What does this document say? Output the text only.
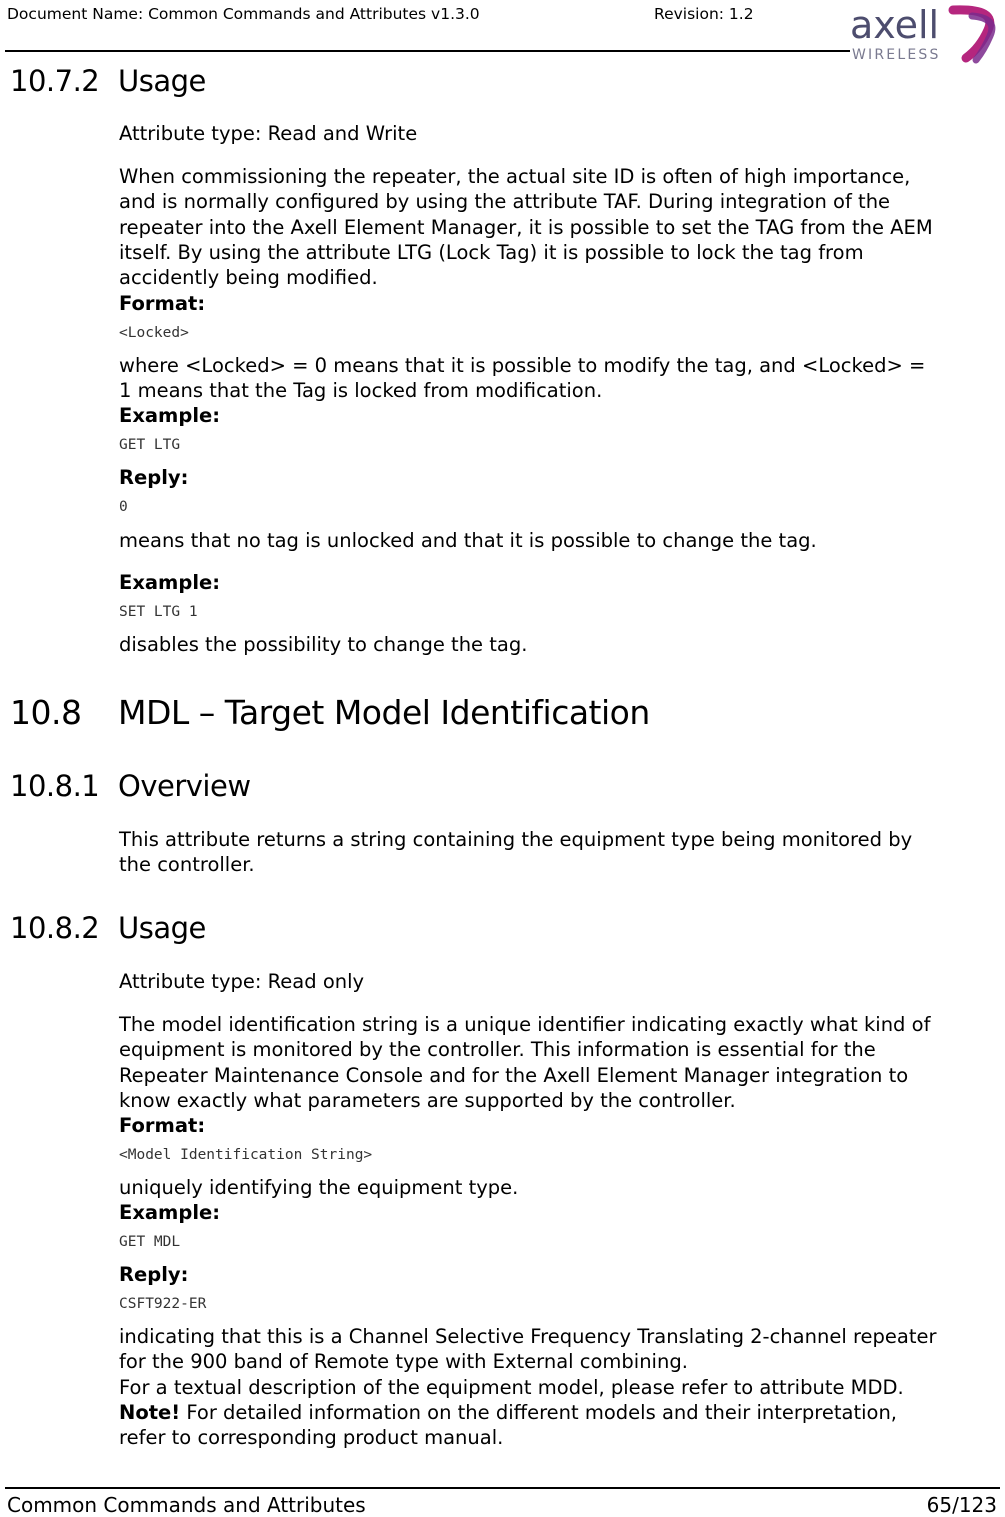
Document Name: Common Commands and Attributes v1.3.0	Revision: 1.2	axell
WIRELESS
10.7.2 Usage
Attribute type: Read and Write
When commissioning the repeater, the actual site ID is often of high importance,
and is normally configured by using the attribute TAF. During integration of the
repeater into the Axell Element Manager, it is possible to set the TAG from the AEM
itself. By using the attribute LTG (Lock Tag) it is possible to lock the tag from
accidently being modified.
Format:
<Locked>
where <Locked> = 0 means that it is possible to modify the tag, and <Locked> =
1 means that the Tag is locked from modification.
Example:
GET LTG
Reply:
0
means that no tag is unlocked and that it is possible to change the tag.
Example:
SET LTG 1
disables the possibility to change the tag.
10.8 MDL – Target Model Identification
10.8.1 Overview
This attribute returns a string containing the equipment type being monitored by
the controller.
10.8.2 Usage
Attribute type: Read only
The model identification string is a unique identifier indicating exactly what kind of
equipment is monitored by the controller. This information is essential for the
Repeater Maintenance Console and for the Axell Element Manager integration to
know exactly what parameters are supported by the controller.
Format:
<Model Identification String>
uniquely identifying the equipment type.
Example:
GET MDL
Reply:
CSFT922-ER
indicating that this is a Channel Selective Frequency Translating 2-channel repeater
for the 900 band of Remote type with External combining.
For a textual description of the equipment model, please refer to attribute MDD.
Note! For detailed information on the different models and their interpretation,
refer to corresponding product manual.
Common Commands and Attributes	65/123
